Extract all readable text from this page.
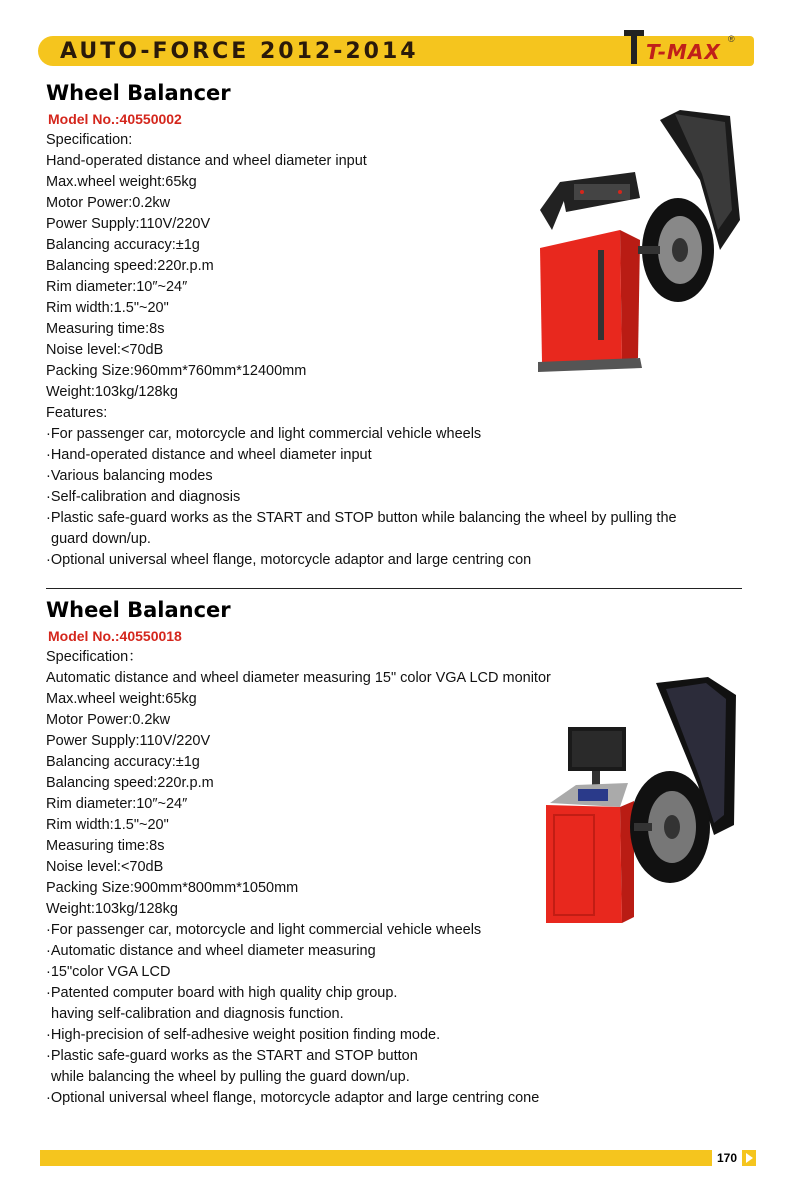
AUTO-FORCE 2012-2014	T-MAX
®
Wheel Balancer
Model No.:40550002
Specification:
Hand-operated distance and wheel diameter input
Max.wheel weight:65kg
Motor Power:0.2kw
Power Supply:110V/220V
Balancing accuracy:±1g
Balancing speed:220r.p.m
Rim diameter:10″~24″
Rim width:1.5"~20"
Measuring time:8s
Noise level:<70dB
Packing Size:960mm*760mm*12400mm
Weight:103kg/128kg
Features:
·For passenger car, motorcycle and light commercial vehicle wheels
·Hand-operated distance and wheel diameter input
·Various balancing modes
·Self-calibration and diagnosis
·Plastic safe-guard works as the START and STOP button while balancing the wheel by pulling the
guard down/up.
·Optional universal wheel flange, motorcycle adaptor and large centring con
Wheel Balancer
Model No.:40550018
Specification：
Automatic distance and wheel diameter measuring 15" color VGA LCD monitor
Max.wheel weight:65kg
Motor Power:0.2kw
Power Supply:110V/220V
Balancing accuracy:±1g
Balancing speed:220r.p.m
Rim diameter:10″~24″
Rim width:1.5"~20"
Measuring time:8s
Noise level:<70dB
Packing Size:900mm*800mm*1050mm
Weight:103kg/128kg
·For passenger car, motorcycle and light commercial vehicle wheels
·Automatic distance and wheel diameter measuring
·15"color VGA LCD
·Patented computer board with high quality chip group.
having self-calibration and diagnosis function.
·High-precision of self-adhesive weight position finding mode.
·Plastic safe-guard works as the START and STOP button
while balancing the wheel by pulling the guard down/up.
·Optional universal wheel flange, motorcycle adaptor and large centring cone
170
